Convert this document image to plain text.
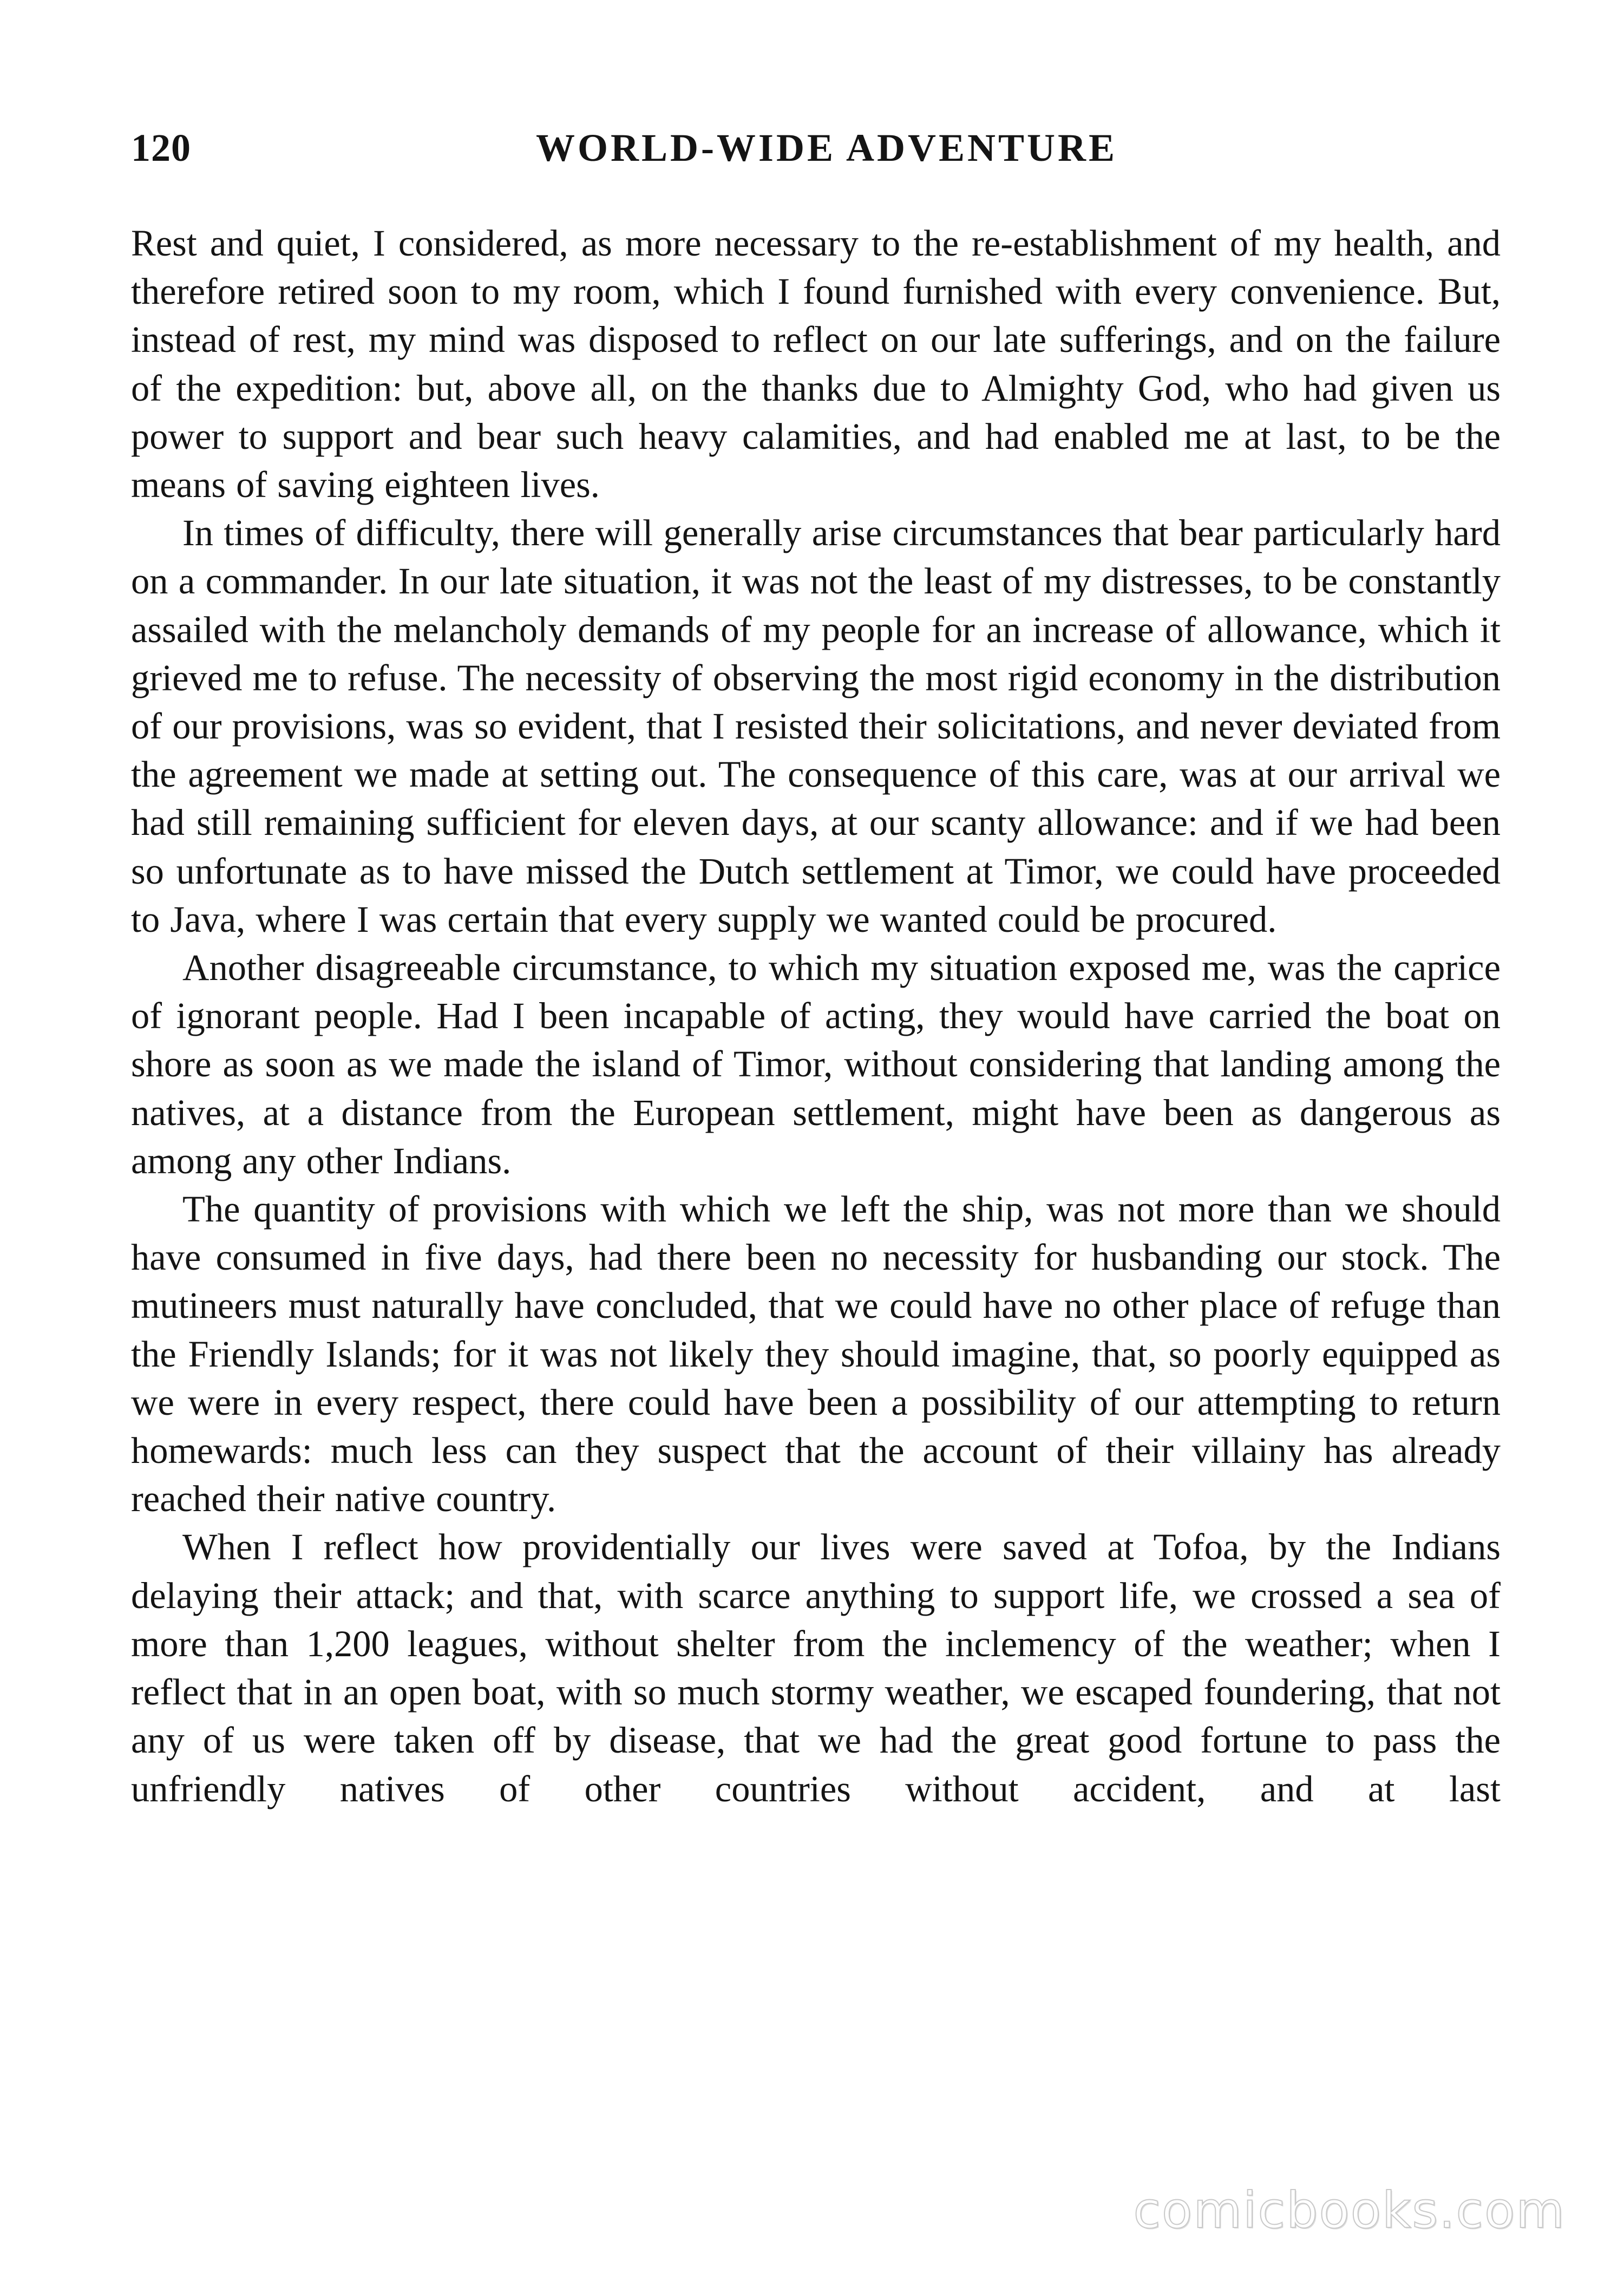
120	WORLD-WIDE ADVENTURE

Rest and quiet, I considered, as more necessary to the re-establishment of my health, and therefore retired soon to my room, which I found furnished with every convenience. But, instead of rest, my mind was disposed to reflect on our late sufferings, and on the failure of the expedition: but, above all, on the thanks due to Almighty God, who had given us power to support and bear such heavy calamities, and had enabled me at last, to be the means of saving eighteen lives.

In times of difficulty, there will generally arise circumstances that bear particularly hard on a commander. In our late situation, it was not the least of my distresses, to be constantly assailed with the melancholy demands of my people for an increase of allowance, which it grieved me to refuse. The necessity of observing the most rigid economy in the distribution of our provisions, was so evident, that I resisted their solicitations, and never deviated from the agreement we made at setting out. The consequence of this care, was at our arrival we had still remaining sufficient for eleven days, at our scanty allowance: and if we had been so unfortunate as to have missed the Dutch settlement at Timor, we could have proceeded to Java, where I was certain that every supply we wanted could be procured.

Another disagreeable circumstance, to which my situation exposed me, was the caprice of ignorant people. Had I been incapable of acting, they would have carried the boat on shore as soon as we made the island of Timor, without considering that landing among the natives, at a distance from the European settlement, might have been as dangerous as among any other Indians.

The quantity of provisions with which we left the ship, was not more than we should have consumed in five days, had there been no necessity for husbanding our stock. The mutineers must naturally have concluded, that we could have no other place of refuge than the Friendly Islands; for it was not likely they should imagine, that, so poorly equipped as we were in every respect, there could have been a possibility of our attempting to return homewards: much less can they suspect that the account of their villainy has already reached their native country.

When I reflect how providentially our lives were saved at Tofoa, by the Indians delaying their attack; and that, with scarce anything to support life, we crossed a sea of more than 1,200 leagues, without shelter from the inclemency of the weather; when I reflect that in an open boat, with so much stormy weather, we escaped foundering, that not any of us were taken off by disease, that we had the great good fortune to pass the unfriendly natives of other countries without accident, and at last

comicbooks.com
